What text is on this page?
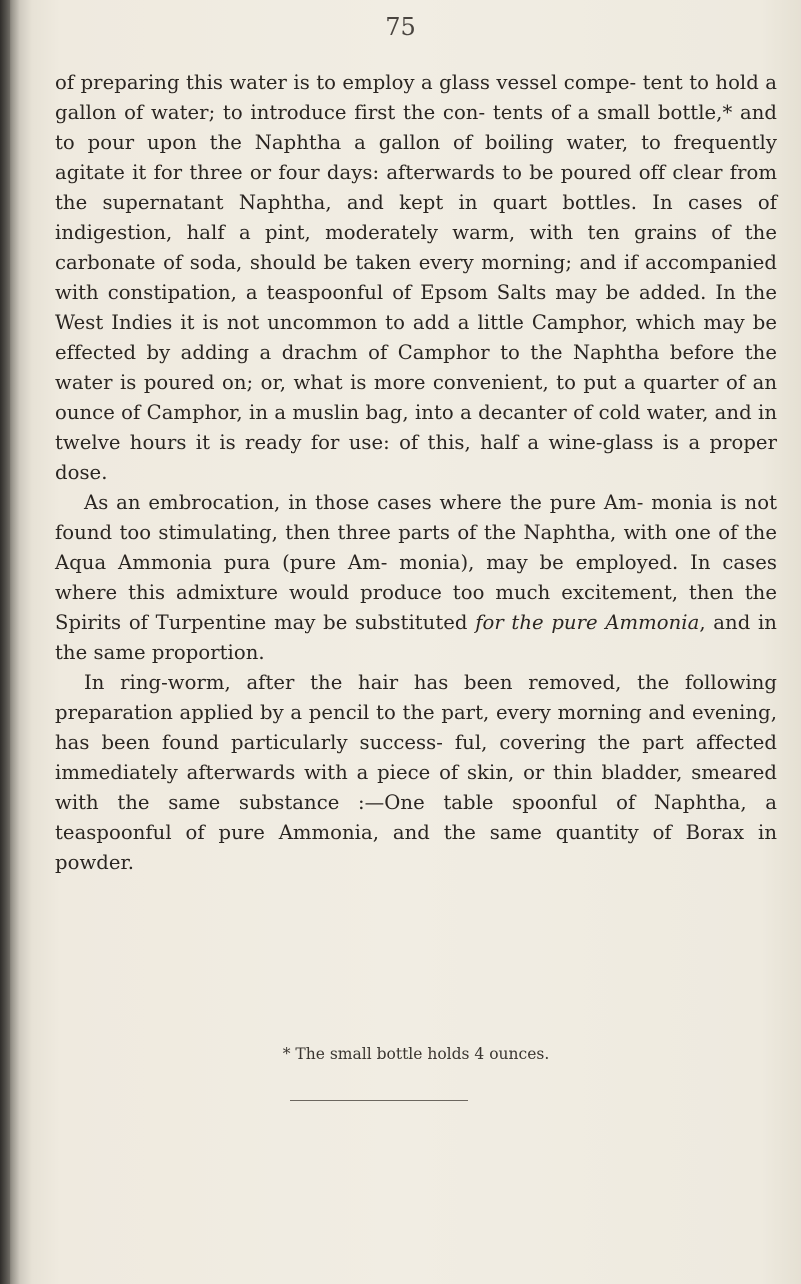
75

of preparing this water is to employ a glass vessel compe- tent to hold a gallon of water; to introduce first the con- tents of a small bottle,* and to pour upon the Naphtha a gallon of boiling water, to frequently agitate it for three or four days: afterwards to be poured off clear from the supernatant Naphtha, and kept in quart bottles. In cases of indigestion, half a pint, moderately warm, with ten grains of the carbonate of soda, should be taken every morning; and if accompanied with constipation, a teaspoonful of Epsom Salts may be added. In the West Indies it is not uncommon to add a little Camphor, which may be effected by adding a drachm of Camphor to the Naphtha before the water is poured on; or, what is more convenient, to put a quarter of an ounce of Camphor, in a muslin bag, into a decanter of cold water, and in twelve hours it is ready for use: of this, half a wine-glass is a proper dose.

As an embrocation, in those cases where the pure Am- monia is not found too stimulating, then three parts of the Naphtha, with one of the Aqua Ammonia pura (pure Am- monia), may be employed. In cases where this admixture would produce too much excitement, then the Spirits of Turpentine may be substituted for the pure Ammonia, and in the same proportion.

In ring-worm, after the hair has been removed, the following preparation applied by a pencil to the part, every morning and evening, has been found particularly success- ful, covering the part affected immediately afterwards with a piece of skin, or thin bladder, smeared with the same substance :—One table spoonful of Naphtha, a teaspoonful of pure Ammonia, and the same quantity of Borax in powder.

* The small bottle holds 4 ounces.
